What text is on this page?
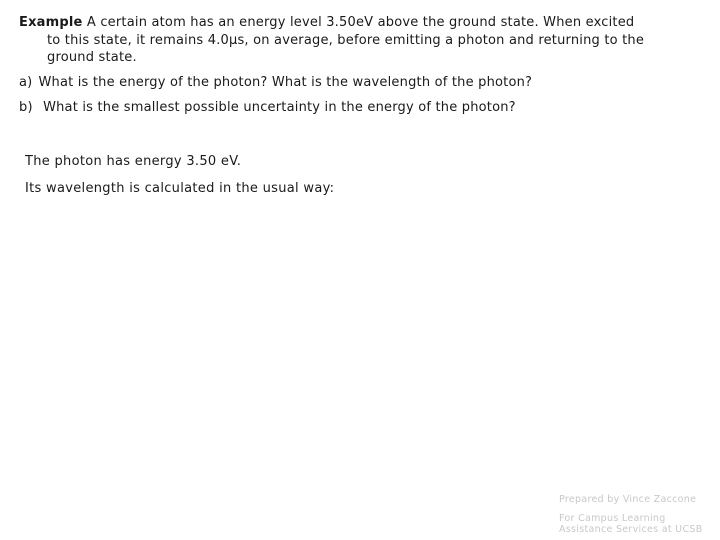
Example A certain atom has an energy level 3.50eV above the ground state. When excited
to this state, it remains 4.0μs, on average, before emitting a photon and returning to the
ground state.
a) What is the energy of the photon? What is the wavelength of the photon?
b) What is the smallest possible uncertainty in the energy of the photon?
The photon has energy 3.50 eV.
Its wavelength is calculated in the usual way:
Prepared by Vince Zaccone
For Campus Learning
Assistance Services at UCSB
